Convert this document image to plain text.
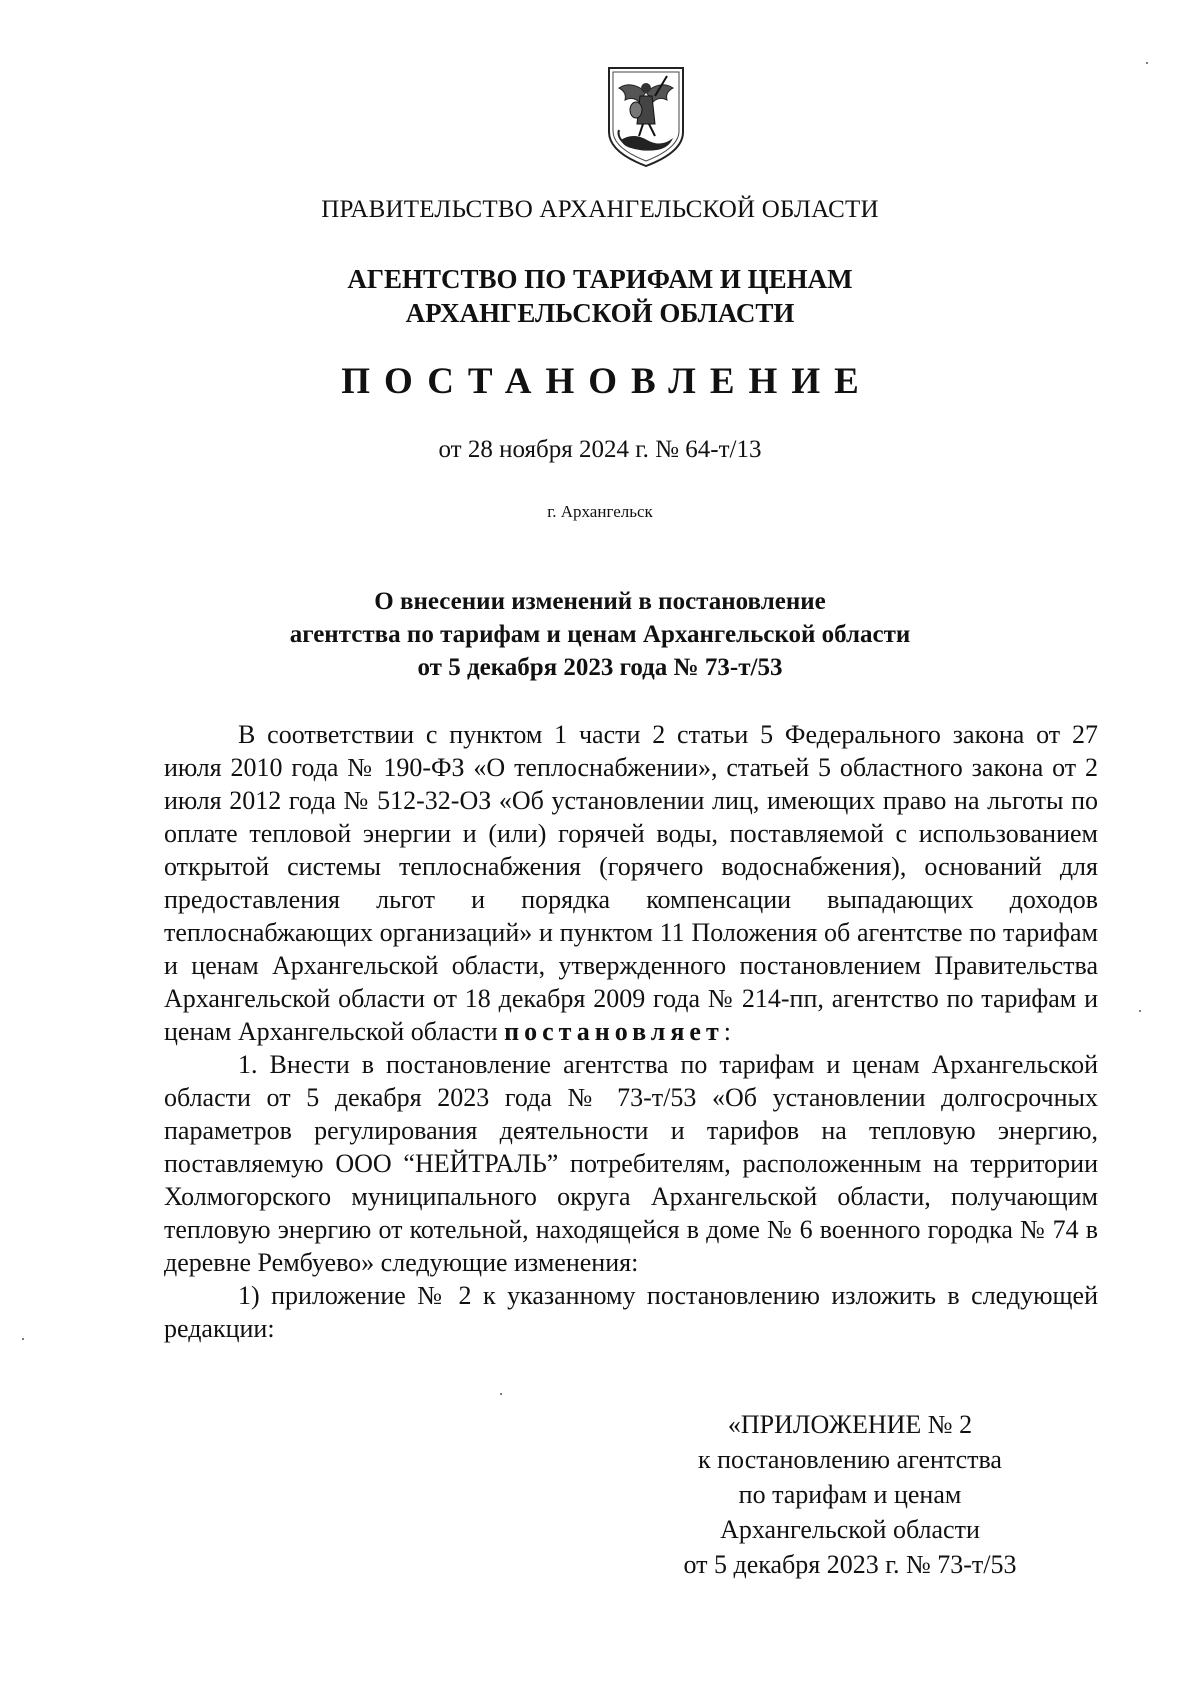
ПРАВИТЕЛЬСТВО АРХАНГЕЛЬСКОЙ ОБЛАСТИ
АГЕНТСТВО ПО ТАРИФАМ И ЦЕНАМ
АРХАНГЕЛЬСКОЙ ОБЛАСТИ
ПОСТАНОВЛЕНИЕ
от 28 ноября 2024 г. № 64-т/13
г. Архангельск
О внесении изменений в постановление
агентства по тарифам и ценам Архангельской области
от 5 декабря 2023 года № 73-т/53

В соответствии с пунктом 1 части 2 статьи 5 Федерального закона от 27 июля 2010 года № 190-ФЗ «О теплоснабжении», статьей 5 областного закона от 2 июля 2012 года № 512-32-ОЗ «Об установлении лиц, имеющих право на льготы по оплате тепловой энергии и (или) горячей воды, поставляемой с использованием открытой системы теплоснабжения (горячего водоснабжения), оснований для предоставления льгот и порядка компенсации выпадающих доходов теплоснабжающих организаций» и пунктом 11 Положения об агентстве по тарифам и ценам Архангельской области, утвержденного постановлением Правительства Архангельской области от 18 декабря 2009 года № 214-пп, агентство по тарифам и ценам Архангельской области постановляет:

1. Внести в постановление агентства по тарифам и ценам Архангельской области от 5 декабря 2023 года № 73-т/53 «Об установлении долгосрочных параметров регулирования деятельности и тарифов на тепловую энергию, поставляемую ООО “НЕЙТРАЛЬ” потребителям, расположенным на территории Холмогорского муниципального округа Архангельской области, получающим тепловую энергию от котельной, находящейся в доме № 6 военного городка № 74 в деревне Рембуево» следующие изменения:

1) приложение № 2 к указанному постановлению изложить в следующей редакции:

«ПРИЛОЖЕНИЕ № 2
к постановлению агентства
по тарифам и ценам
Архангельской области
от 5 декабря 2023 г. № 73-т/53
